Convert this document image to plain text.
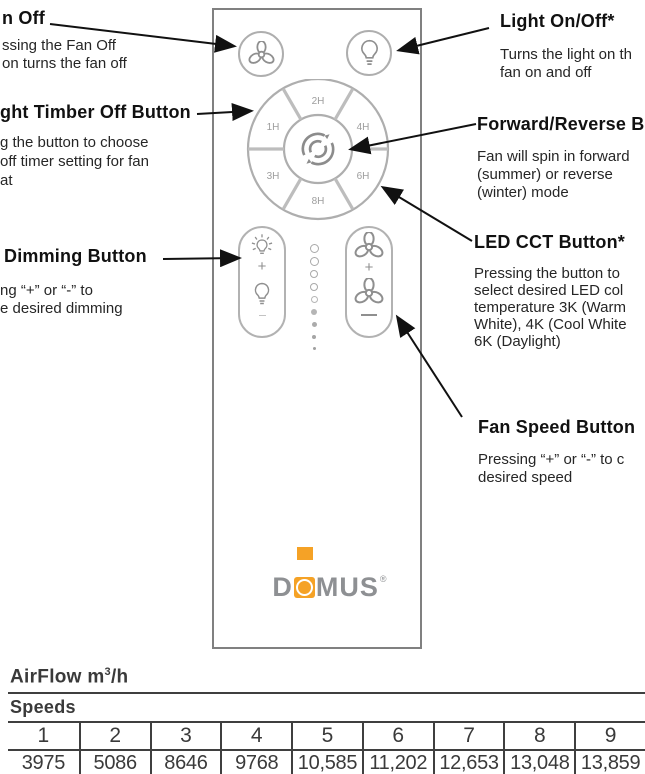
n Off
ssing the Fan Off
on turns the fan off
ght Timber Off Button
g the button to choose
off timer setting for fan
at
Dimming Button
ng “+” or “-” to
e desired dimming
Light On/Off*
Turns the light on th
fan on and off
Forward/Reverse B
Fan will spin in forward
(summer) or reverse
(winter) mode
LED CCT Button*
Pressing the button to
select desired LED col
temperature 3K (Warm
White), 4K (Cool White
6K (Daylight)
Fan Speed Button
Pressing “+” or “-” to c
desired speed
2H
1H	4H
3H	6H
8H
+	+
D MUS®
AirFlow $m^3/h$
Speeds
1	2	3	4	5	6	7	8	9
3975	5086	8646	9768 10,585 11,202 12,653 13,048 13,859
